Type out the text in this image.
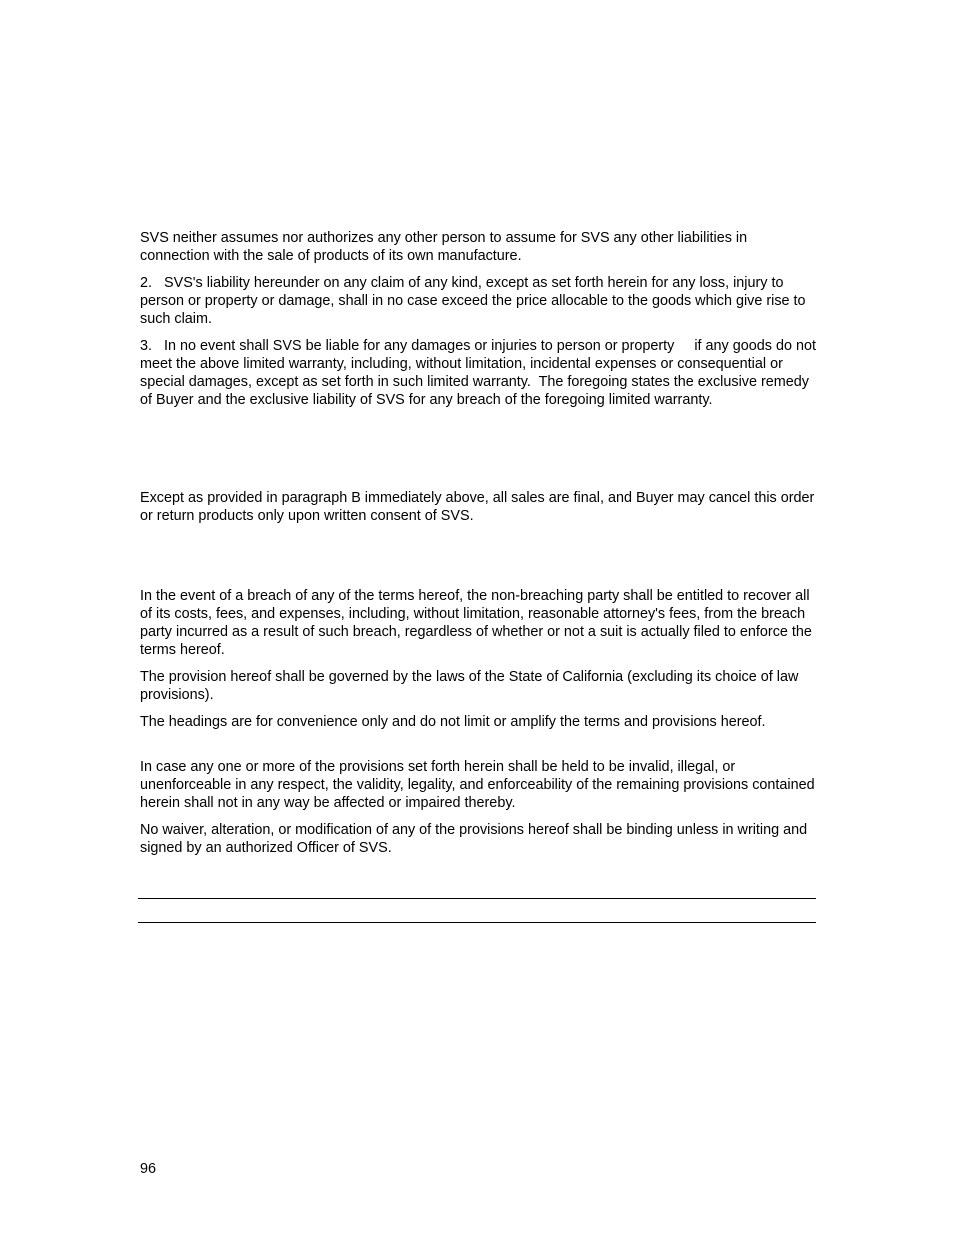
SVS neither assumes nor authorizes any other person to assume for SVS any other liabilities in connection with the sale of products of its own manufacture.

2.   SVS's liability hereunder on any claim of any kind, except as set forth herein for any loss, injury to person or property or damage, shall in no case exceed the price allocable to the goods which give rise to such claim.

3.   In no event shall SVS be liable for any damages or injuries to person or property     if any goods do not meet the above limited warranty, including, without limitation, incidental expenses or consequential or special damages, except as set forth in such limited warranty.  The foregoing states the exclusive remedy of Buyer and the exclusive liability of SVS for any breach of the foregoing limited warranty.

Except as provided in paragraph B immediately above, all sales are final, and Buyer may cancel this order or return products only upon written consent of SVS.

In the event of a breach of any of the terms hereof, the non-breaching party shall be entitled to recover all of its costs, fees, and expenses, including, without limitation, reasonable attorney's fees, from the breach party incurred as a result of such breach, regardless of whether or not a suit is actually filed to enforce the terms hereof.

The provision hereof shall be governed by the laws of the State of California (excluding its choice of law provisions).

The headings are for convenience only and do not limit or amplify the terms and provisions hereof.

In case any one or more of the provisions set forth herein shall be held to be invalid, illegal, or unenforceable in any respect, the validity, legality, and enforceability of the remaining provisions contained herein shall not in any way be affected or impaired thereby.

No waiver, alteration, or modification of any of the provisions hereof shall be binding unless in writing and signed by an authorized Officer of SVS.

96
